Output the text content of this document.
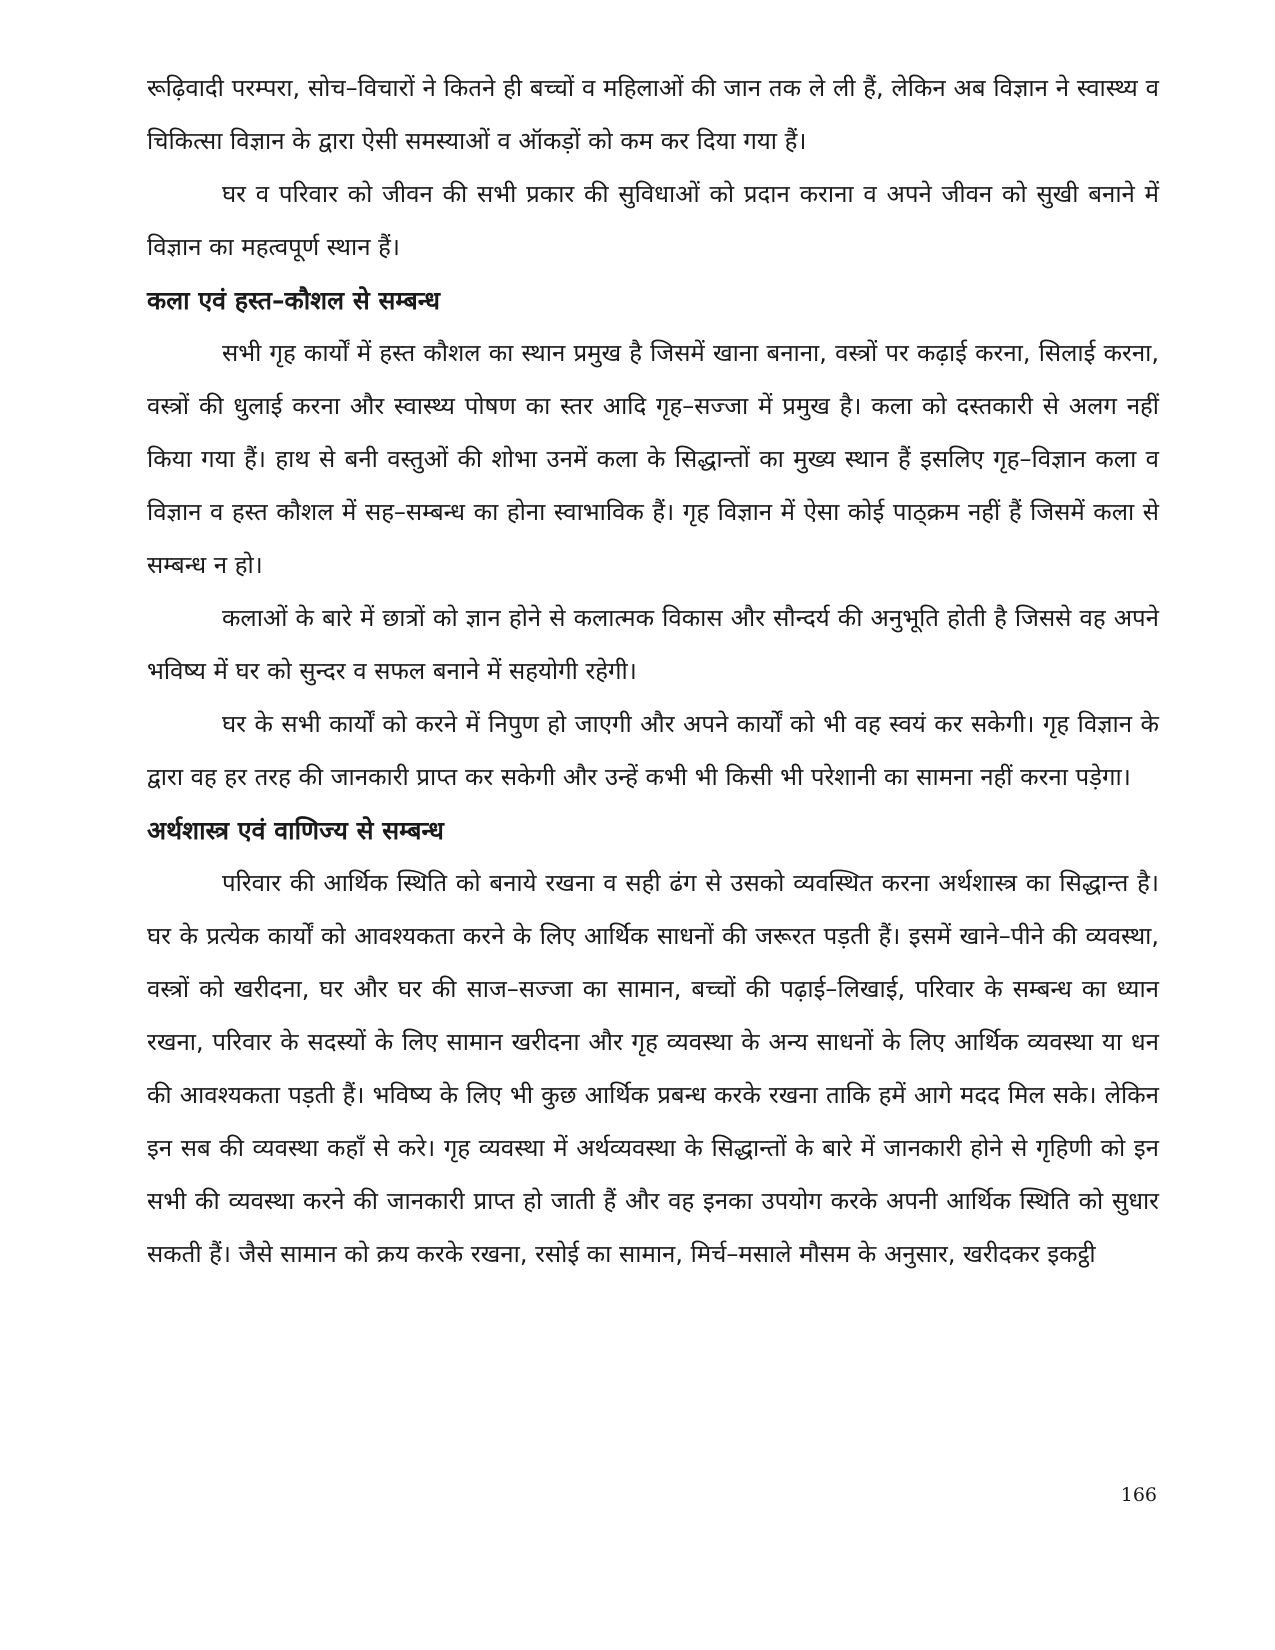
रूढ़िवादी परम्परा, सोच–विचारों ने कितने ही बच्चों व महिलाओं की जान तक ले ली हैं, लेकिन अब विज्ञान ने स्वास्थ्य व चिकित्सा विज्ञान के द्वारा ऐसी समस्याओं व ऑकड़ों को कम कर दिया गया हैं।

घर व परिवार को जीवन की सभी प्रकार की सुविधाओं को प्रदान कराना व अपने जीवन को सुखी बनाने में विज्ञान का महत्वपूर्ण स्थान हैं।

कला एवं हस्त–कौशल से सम्बन्ध

सभी गृह कार्यों में हस्त कौशल का स्थान प्रमुख है जिसमें खाना बनाना, वस्त्रों पर कढ़ाई करना, सिलाई करना, वस्त्रों की धुलाई करना और स्वास्थ्य पोषण का स्तर आदि गृह–सज्जा में प्रमुख है। कला को दस्तकारी से अलग नहीं किया गया हैं। हाथ से बनी वस्तुओं की शोभा उनमें कला के सिद्धान्तों का मुख्य स्थान हैं इसलिए गृह–विज्ञान कला व विज्ञान व हस्त कौशल में सह–सम्बन्ध का होना स्वाभाविक हैं। गृह विज्ञान में ऐसा कोई पाठ्क्रम नहीं हैं जिसमें कला से सम्बन्ध न हो।

कलाओं के बारे में छात्रों को ज्ञान होने से कलात्मक विकास और सौन्दर्य की अनुभूति होती है जिससे वह अपने भविष्य में घर को सुन्दर व सफल बनाने में सहयोगी रहेगी।

घर के सभी कार्यों को करने में निपुण हो जाएगी और अपने कार्यों को भी वह स्वयं कर सकेगी। गृह विज्ञान के द्वारा वह हर तरह की जानकारी प्राप्त कर सकेगी और उन्हें कभी भी किसी भी परेशानी का सामना नहीं करना पड़ेगा।

अर्थशास्त्र एवं वाणिज्य से सम्बन्ध

परिवार की आर्थिक स्थिति को बनाये रखना व सही ढंग से उसको व्यवस्थित करना अर्थशास्त्र का सिद्धान्त है। घर के प्रत्येक कार्यों को आवश्यकता करने के लिए आर्थिक साधनों की जरूरत पड़ती हैं। इसमें खाने–पीने की व्यवस्था, वस्त्रों को खरीदना, घर और घर की साज–सज्जा का सामान, बच्चों की पढ़ाई–लिखाई, परिवार के सम्बन्ध का ध्यान रखना, परिवार के सदस्यों के लिए सामान खरीदना और गृह व्यवस्था के अन्य साधनों के लिए आर्थिक व्यवस्था या धन की आवश्यकता पड़ती हैं। भविष्य के लिए भी कुछ आर्थिक प्रबन्ध करके रखना ताकि हमें आगे मदद मिल सके। लेकिन इन सब की व्यवस्था कहाँ से करे। गृह व्यवस्था में अर्थव्यवस्था के सिद्धान्तों के बारे में जानकारी होने से गृहिणी को इन सभी की व्यवस्था करने की जानकारी प्राप्त हो जाती हैं और वह इनका उपयोग करके अपनी आर्थिक स्थिति को सुधार सकती हैं। जैसे सामान को क्रय करके रखना, रसोई का सामान, मिर्च–मसाले मौसम के अनुसार, खरीदकर इकट्ठी

166
